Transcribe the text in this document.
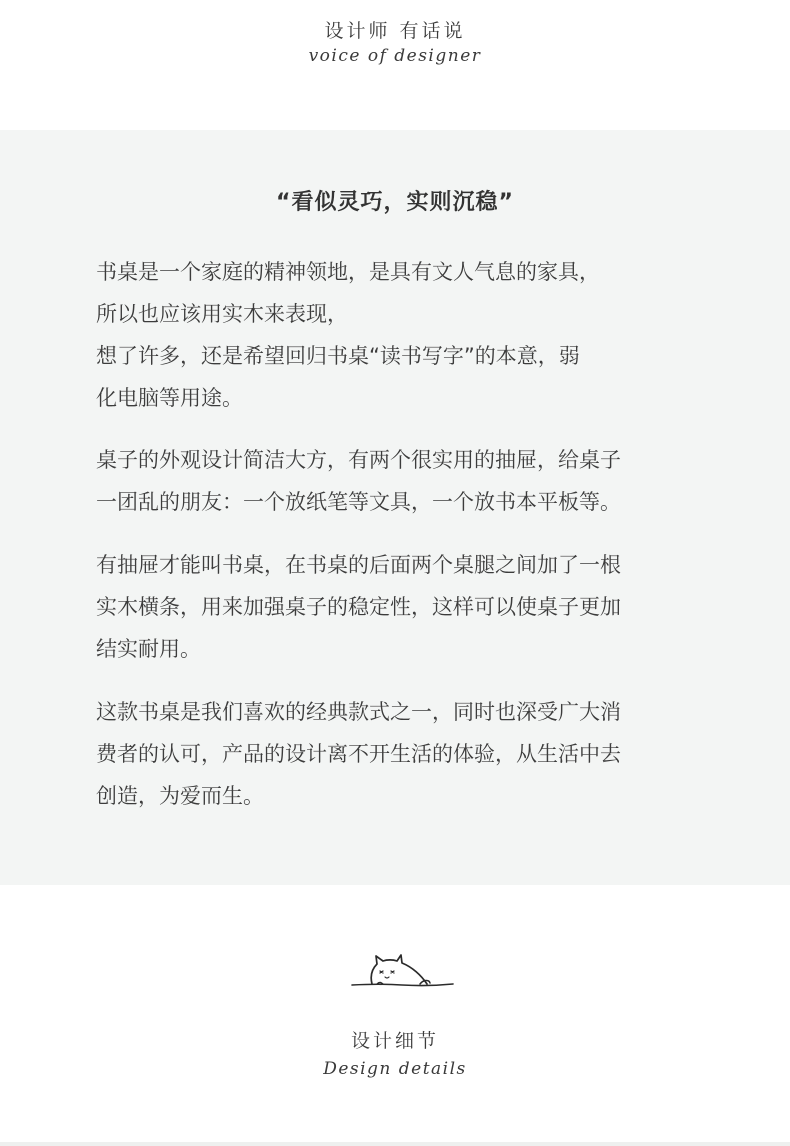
设计师 有话说
voice of designer
“看似灵巧，实则沉稳”

书桌是一个家庭的精神领地，是具有文人气息的家具，
所以也应该用实木来表现，
想了许多，还是希望回归书桌“读书写字”的本意，弱
化电脑等用途。

桌子的外观设计简洁大方，有两个很实用的抽屉，给桌子
一团乱的朋友：一个放纸笔等文具，一个放书本平板等。

有抽屉才能叫书桌，在书桌的后面两个桌腿之间加了一根
实木横条，用来加强桌子的稳定性，这样可以使桌子更加
结实耐用。

这款书桌是我们喜欢的经典款式之一，同时也深受广大消
费者的认可，产品的设计离不开生活的体验，从生活中去
创造，为爱而生。

设计细节
Design details
